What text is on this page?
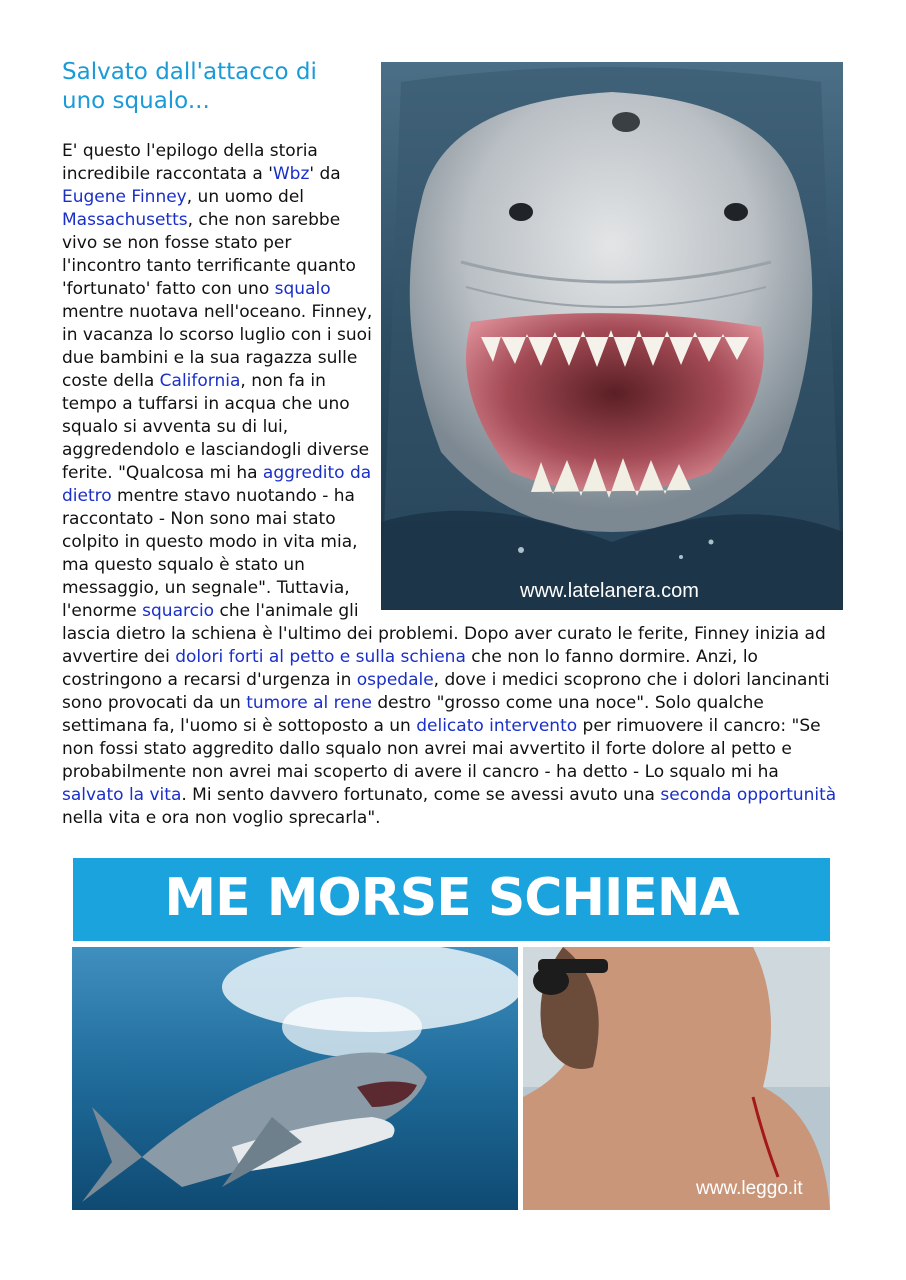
Salvato dall'attacco di uno squalo...
www.latelanera.com
E' questo l'epilogo della storia incredibile raccontata a 'Wbz' da Eugene Finney, un uomo del Massachusetts, che non sarebbe vivo se non fosse stato per l'incontro tanto terrificante quanto 'fortunato' fatto con uno squalo mentre nuotava nell'oceano. Finney, in vacanza lo scorso luglio con i suoi due bambini e la sua ragazza sulle coste della California, non fa in tempo a tuffarsi in acqua che uno squalo si avventa su di lui, aggredendolo e lasciandogli diverse ferite. "Qualcosa mi ha aggredito da dietro mentre stavo nuotando - ha raccontato - Non sono mai stato colpito in questo modo in vita mia, ma questo squalo è stato un messaggio, un segnale". Tuttavia, l'enorme squarcio che l'animale gli lascia dietro la schiena è l'ultimo dei problemi. Dopo aver curato le ferite, Finney inizia ad avvertire dei dolori forti al petto e sulla schiena che non lo fanno dormire. Anzi, lo costringono a recarsi d'urgenza in ospedale, dove i medici scoprono che i dolori lancinanti sono provocati da un tumore al rene destro "grosso come una noce". Solo qualche settimana fa, l'uomo si è sottoposto a un delicato intervento per rimuovere il cancro: "Se non fossi stato aggredito dallo squalo non avrei mai avvertito il forte dolore al petto e probabilmente non avrei mai scoperto di avere il cancro - ha detto - Lo squalo mi ha salvato la vita. Mi sento davvero fortunato, come se avessi avuto una seconda opportunità nella vita e ora non voglio sprecarla".
ME MORSE SCHIENA
www.leggo.it
